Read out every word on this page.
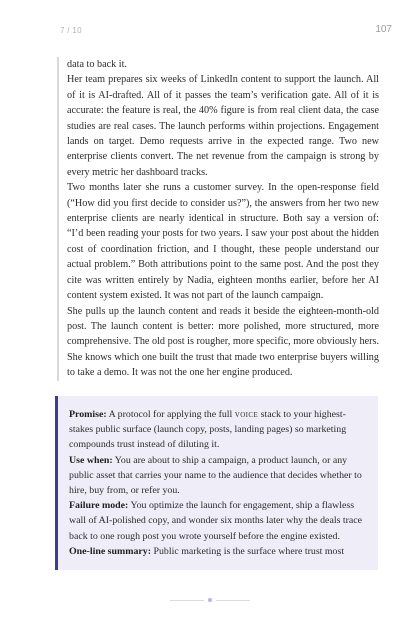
7 / 10	107

data to back it.

Her team prepares six weeks of LinkedIn content to support the launch. All of it is AI-drafted. All of it passes the team’s verification gate. All of it is accurate: the feature is real, the 40% figure is from real client data, the case studies are real cases. The launch performs within projections. Engagement lands on target. Demo requests arrive in the expected range. Two new enterprise clients convert. The net revenue from the campaign is strong by every metric her dashboard tracks.

Two months later she runs a customer survey. In the open-response field (“How did you first decide to consider us?”), the answers from her two new enterprise clients are nearly identical in structure. Both say a version of: “I’d been reading your posts for two years. I saw your post about the hidden cost of coordination friction, and I thought, these people understand our actual problem.” Both attributions point to the same post. And the post they cite was written entirely by Nadia, eighteen months earlier, before her AI content system existed. It was not part of the launch campaign.

She pulls up the launch content and reads it beside the eighteen-month-old post. The launch content is better: more polished, more structured, more comprehensive. The old post is rougher, more specific, more obviously hers. She knows which one built the trust that made two enterprise buyers willing to take a demo. It was not the one her engine produced.

Promise: A protocol for applying the full voice stack to your highest-stakes public surface (launch copy, posts, landing pages) so marketing compounds trust instead of diluting it.

Use when: You are about to ship a campaign, a product launch, or any public asset that carries your name to the audience that decides whether to hire, buy from, or refer you.

Failure mode: You optimize the launch for engagement, ship a flawless wall of AI-polished copy, and wonder six months later why the deals trace back to one rough post you wrote yourself before the engine existed.

One-line summary: Public marketing is the surface where trust most
